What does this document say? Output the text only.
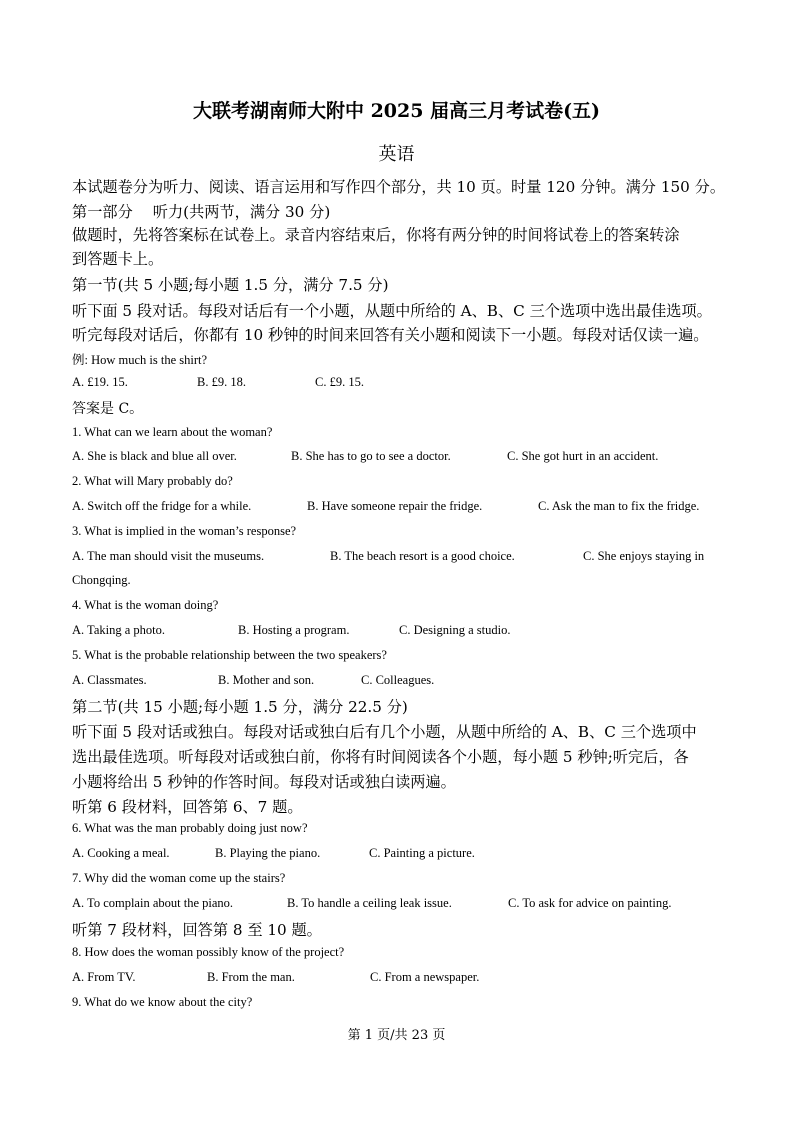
大联考湖南师大附中 2025 届高三月考试卷(五)
英语
本试题卷分为听力、阅读、语言运用和写作四个部分，共 10 页。时量 120 分钟。满分 150 分。
第一部分　 听力(共两节，满分 30 分)
做题时，先将答案标在试卷上。录音内容结束后，你将有两分钟的时间将试卷上的答案转涂
到答题卡上。
第一节(共 5 小题;每小题 1.5 分，满分 7.5 分)
听下面 5 段对话。每段对话后有一个小题，从题中所给的 A、B、C 三个选项中选出最佳选项。
听完每段对话后，你都有 10 秒钟的时间来回答有关小题和阅读下一小题。每段对话仅读一遍。
例: How much is the shirt?
A. £19. 15.	B. £9. 18.	C. £9. 15.
答案是 C。
1. What can we learn about the woman?
A. She is black and blue all over.	B. She has to go to see a doctor.	C. She got hurt in an accident.
2. What will Mary probably do?
A. Switch off the fridge for a while.	B. Have someone repair the fridge.	C. Ask the man to fix the fridge.
3. What is implied in the woman’s response?
A. The man should visit the museums.	B. The beach resort is a good choice.	C. She enjoys staying in
Chongqing.
4. What is the woman doing?
A. Taking a photo.	B. Hosting a program.	C. Designing a studio.
5. What is the probable relationship between the two speakers?
A. Classmates.	B. Mother and son.	C. Colleagues.
第二节(共 15 小题;每小题 1.5 分，满分 22.5 分)
听下面 5 段对话或独白。每段对话或独白后有几个小题，从题中所给的 A、B、C 三个选项中
选出最佳选项。听每段对话或独白前，你将有时间阅读各个小题，每小题 5 秒钟;听完后，各
小题将给出 5 秒钟的作答时间。每段对话或独白读两遍。
听第 6 段材料，回答第 6、7 题。
6. What was the man probably doing just now?
A. Cooking a meal.	B. Playing the piano.	C. Painting a picture.
7. Why did the woman come up the stairs?
A. To complain about the piano.	B. To handle a ceiling leak issue.	C. To ask for advice on painting.
听第 7 段材料，回答第 8 至 10 题。
8. How does the woman possibly know of the project?
A. From TV.	B. From the man.	C. From a newspaper.
9. What do we know about the city?
第 1 页/共 23 页
